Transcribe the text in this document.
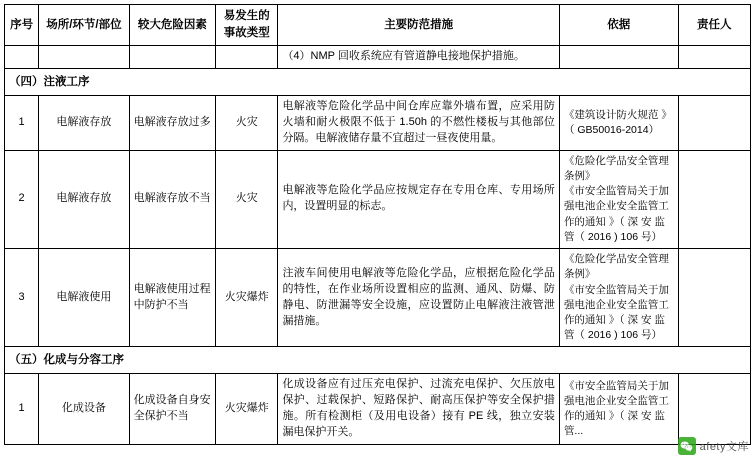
序号	场所/环节/部位	较大危险因素	易发生的事故类型	主要防范措施	依据	责任人
				（4）NMP 回收系统应有管道静电接地保护措施。		
（四）注液工序						
1	电解液存放	电解液存放过多	火灾	电解液等危险化学品中间仓库应靠外墙布置，应采用防火墙和耐火极限不低于 1.50h 的不燃性楼板与其他部位分隔。电解液储存量不宜超过一昼夜使用量。	《建筑设计防火规范 》 （ GB50016-2014）	

2	电解液存放	电解液存放不当	火灾	电解液等危险化学品应按规定存在专用仓库、专用场所内，设置明显的标志。	《危险化学品安全管理条例》
《市安全监管局关于加强电池企业安全监管工作的通知 》（ 深 安 监 管（ 2016 ) 106 号）	

3	电解液使用	电解液使用过程中防护不当	火灾爆炸	注液车间使用电解液等危险化学品，应根据危险化学品的特性，在作业场所设置相应的监测、通风、防爆、防静电、防泄漏等安全设施，应设置防止电解液注液管泄漏措施。	《危险化学品安全管理条例》
《市安全监管局关于加强电池企业安全监管工作的通知 》（ 深 安 监 管（ 2016 ) 106 号）	

（五）化成与分容工序						
1	化成设备	化成设备自身安全保护不当	火灾爆炸	化成设备应有过压充电保护、过流充电保护、欠压放电保护、过载保护、短路保护、耐高压保护等安全保护措施。所有检测柜（及用电设备）接有 PE 线，独立安装漏电保护开关。	《市安全监管局关于加强电池企业安全监管工作的通知 》（ 深 安 监 管...	

afety文库
